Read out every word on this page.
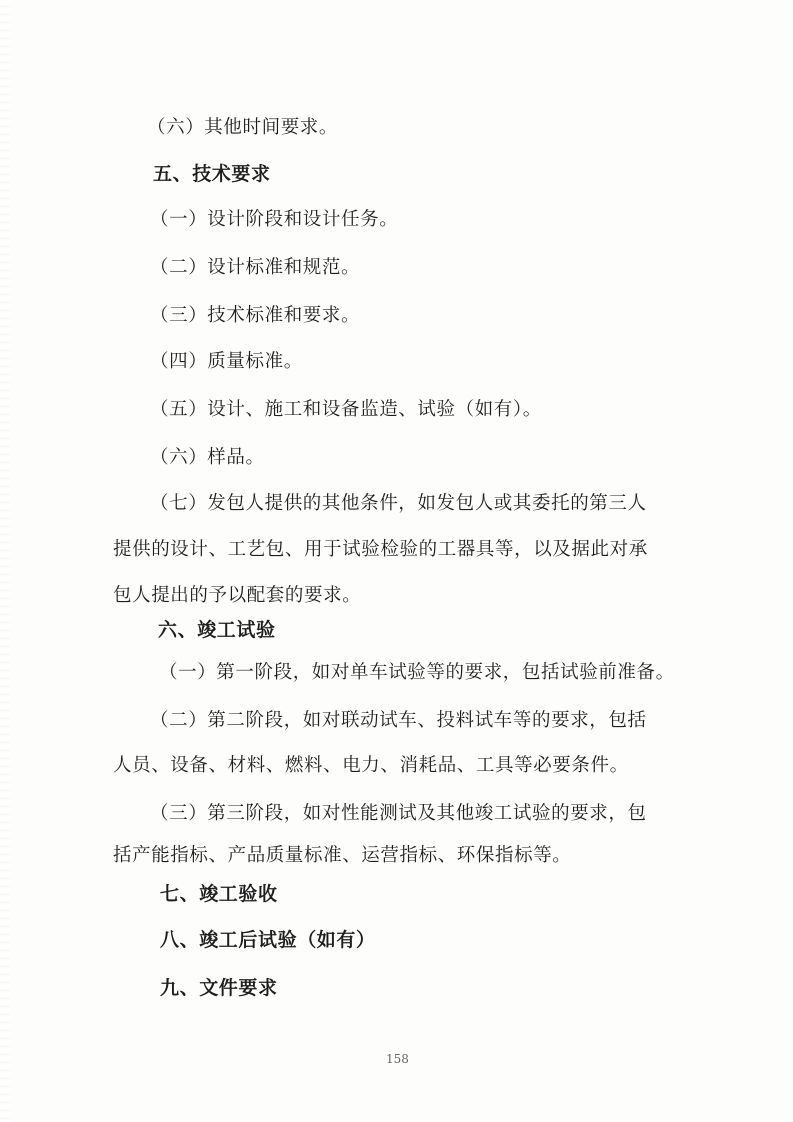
（六）其他时间要求。
五、技术要求
（一）设计阶段和设计任务。
（二）设计标准和规范。
（三）技术标准和要求。
（四）质量标准。
（五）设计、施工和设备监造、试验（如有）。
（六）样品。
（七）发包人提供的其他条件，如发包人或其委托的第三人
提供的设计、工艺包、用于试验检验的工器具等，以及据此对承
包人提出的予以配套的要求。
六、竣工试验
（一）第一阶段，如对单车试验等的要求，包括试验前准备。
（二）第二阶段，如对联动试车、投料试车等的要求，包括
人员、设备、材料、燃料、电力、消耗品、工具等必要条件。
（三）第三阶段，如对性能测试及其他竣工试验的要求，包
括产能指标、产品质量标准、运营指标、环保指标等。
七、竣工验收
八、竣工后试验（如有）
九、文件要求
158
